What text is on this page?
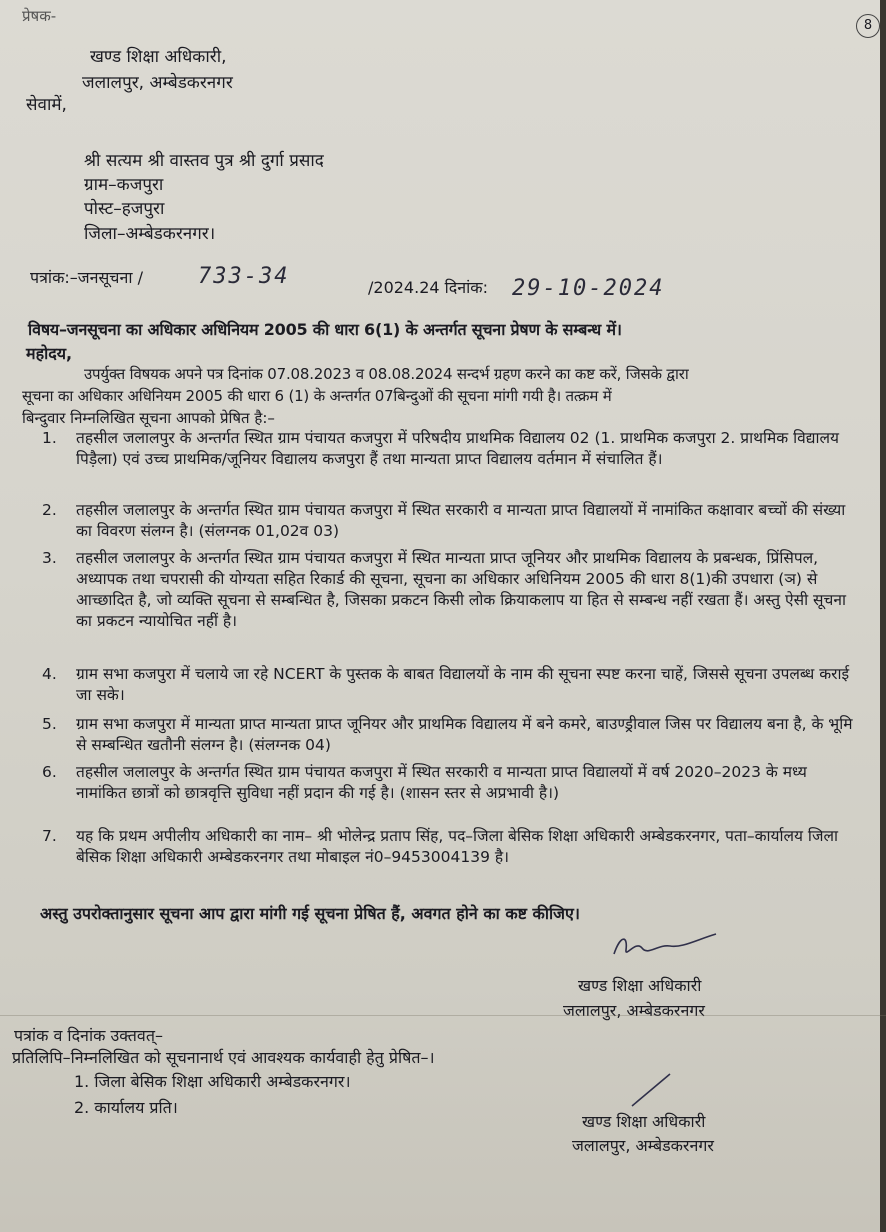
8
प्रेषक-
खण्ड शिक्षा अधिकारी,
जलालपुर, अम्बेडकरनगर
सेवामें,
श्री सत्यम श्री वास्तव पुत्र श्री दुर्गा प्रसाद
ग्राम–कजपुरा
पोस्ट–हजपुरा
जिला–अम्बेडकरनगर।
पत्रांक:–जनसूचना /	733-34	/2024.24 दिनांक: 29-10-2024
विषय–जनसूचना का अधिकार अधिनियम 2005 की धारा 6(1) के अन्तर्गत सूचना प्रेषण के सम्बन्ध में।
महोदय,
उपर्युक्त विषयक अपने पत्र दिनांक 07.08.2023 व 08.08.2024 सन्दर्भ ग्रहण करने का कष्ट करें, जिसके द्वारा
सूचना का अधिकार अधिनियम 2005 की धारा 6 (1) के अन्तर्गत 07बिन्दुओं की सूचना मांगी गयी है। तत्क्रम में
बिन्दुवार निम्नलिखित सूचना आपको प्रेषित है:–
1. तहसील जलालपुर के अन्तर्गत स्थित ग्राम पंचायत कजपुरा में परिषदीय प्राथमिक विद्यालय 02 (1. प्राथमिक कजपुरा 2. प्राथमिक विद्यालय पिड़ैला) एवं उच्च प्राथमिक/जूनियर विद्यालय कजपुरा हैं तथा मान्यता प्राप्त विद्यालय वर्तमान में संचालित हैं।
2. तहसील जलालपुर के अन्तर्गत स्थित ग्राम पंचायत कजपुरा में स्थित सरकारी व मान्यता प्राप्त विद्यालयों में नामांकित कक्षावार बच्चों की संख्या का विवरण संलग्न है। (संलग्नक 01,02व 03)
3. तहसील जलालपुर के अन्तर्गत स्थित ग्राम पंचायत कजपुरा में स्थित मान्यता प्राप्त जूनियर और प्राथमिक विद्यालय के प्रबन्धक, प्रिंसिपल, अध्यापक तथा चपरासी की योग्यता सहित रिकार्ड की सूचना, सूचना का अधिकार अधिनियम 2005 की धारा 8(1)की उपधारा (ञ) से आच्छादित है, जो व्यक्ति सूचना से सम्बन्धित है, जिसका प्रकटन किसी लोक क्रियाकलाप या हित से सम्बन्ध नहीं रखता हैं। अस्तु ऐसी सूचना का प्रकटन न्यायोचित नहीं है।
4. ग्राम सभा कजपुरा में चलाये जा रहे NCERT के पुस्तक के बाबत विद्यालयों के नाम की सूचना स्पष्ट करना चाहें, जिससे सूचना उपलब्ध कराई जा सके।
5. ग्राम सभा कजपुरा में मान्यता प्राप्त मान्यता प्राप्त जूनियर और प्राथमिक विद्यालय में बने कमरे, बाउण्ड्रीवाल जिस पर विद्यालय बना है, के भूमि से सम्बन्धित खतौनी संलग्न है। (संलग्नक 04)
6. तहसील जलालपुर के अन्तर्गत स्थित ग्राम पंचायत कजपुरा में स्थित सरकारी व मान्यता प्राप्त विद्यालयों में वर्ष 2020–2023 के मध्य नामांकित छात्रों को छात्रवृत्ति सुविधा नहीं प्रदान की गई है। (शासन स्तर से अप्रभावी है।)
7. यह कि प्रथम अपीलीय अधिकारी का नाम– श्री भोलेन्द्र प्रताप सिंह, पद–जिला बेसिक शिक्षा अधिकारी अम्बेडकरनगर, पता–कार्यालय जिला बेसिक शिक्षा अधिकारी अम्बेडकरनगर तथा मोबाइल नं0–9453004139 है।
अस्तु उपरोक्तानुसार सूचना आप द्वारा मांगी गई सूचना प्रेषित हैं, अवगत होने का कष्ट कीजिए।
खण्ड शिक्षा अधिकारी
जलालपुर, अम्बेडकरनगर
पत्रांक व दिनांक उक्तवत्–
प्रतिलिपि–निम्नलिखित को सूचनानार्थ एवं आवश्यक कार्यवाही हेतु प्रेषित–।
1. जिला बेसिक शिक्षा अधिकारी अम्बेडकरनगर।
2. कार्यालय प्रति।
खण्ड शिक्षा अधिकारी
जलालपुर, अम्बेडकरनगर
